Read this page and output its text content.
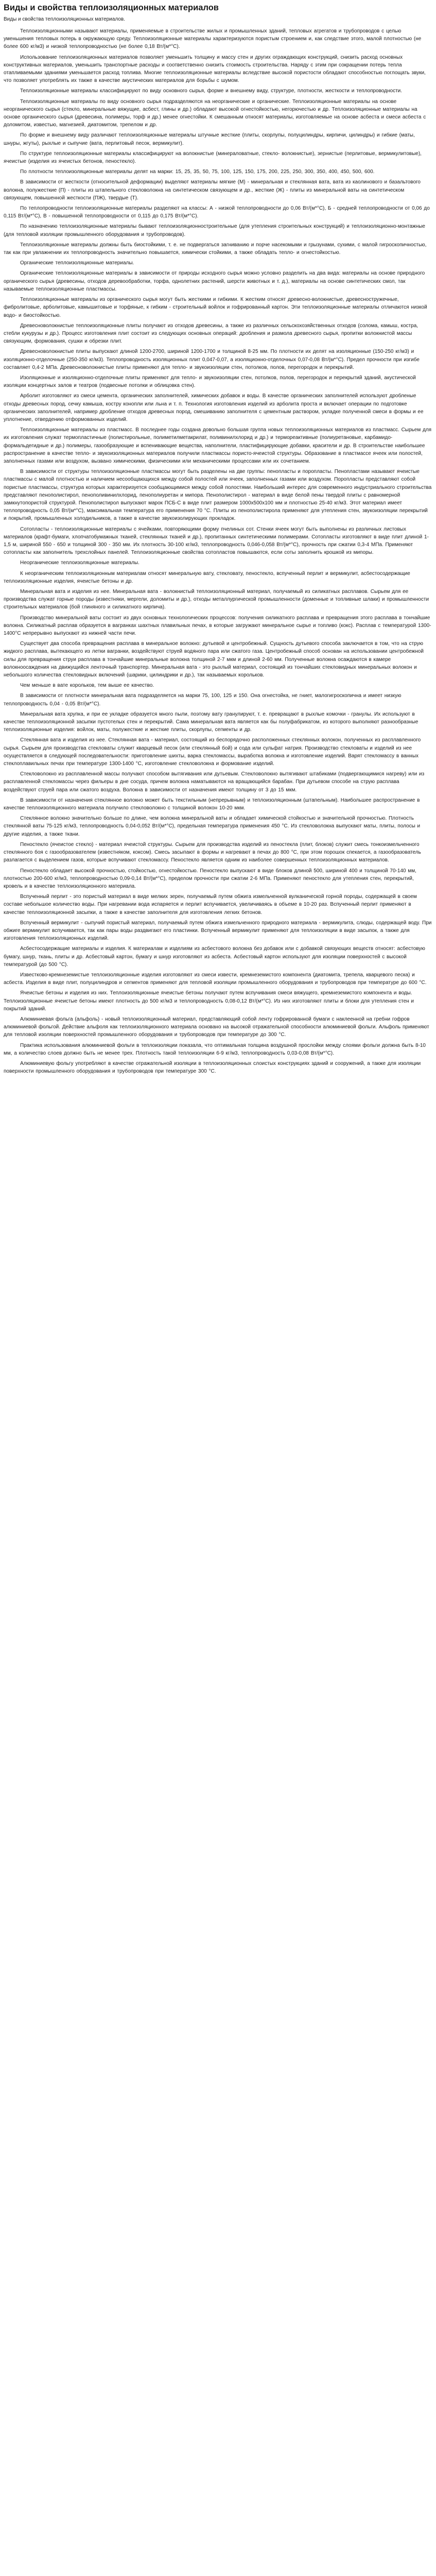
Виды и свойства теплоизоляционных материалов
Виды и свойства теплоизоляционных материалов.

Теплоизоляционными называют материалы, применяемые в строительстве жилых и промышленных зданий, тепловых агрегатов и трубопроводов с целью уменьшения тепловых потерь в окружающую среду. Теплоизоляционные материалы характеризуются пористым строением и, как следствие этого, малой плотностью (не более 600 кг/м3) и низкой теплопроводностью (не более 0,18 Вт/(м*°С).

Использование теплоизоляционных материалов позволяет уменьшить толщину и массу стен и других ограждающих конструкций, снизить расход основных конструктивных материалов, уменьшить транспортные расходы и соответственно снизить стоимость строительства. Наряду с этим при сокращении потерь тепла отапливаемыми зданиями уменьшается расход топлива. Многие теплоизоляционные материалы вследствие высокой пористости обладают способностью поглощать звуки, что позволяет употреблять их также в качестве акустических материалов для борьбы с шумом.

Теплоизоляционные материалы классифицируют по виду основного сырья, форме и внешнему виду, структуре, плотности, жесткости и теплопроводности.

Теплоизоляционные материалы по виду основного сырья подразделяются на неорганические и органические. Теплоизоляционные материалы на основе неорганического сырья (стекло, минеральные вяжущие, асбест, глины и др.) обладают высокой огнестойкостью, негорючестью и др. Теплоизоляционные материалы на основе органического сырья (древесина, полимеры, торф и др.) менее огнестойки. К смешанным относят материалы, изготовляемые на основе асбеста и смеси асбеста с доломитом, известью, магнезией, диатомитом, трепелом и др.

По форме и внешнему виду различают теплоизоляционные материалы штучные жесткие (плиты, скорлупы, полуцилиндры, кирпичи, цилиндры) и гибкие (маты, шнуры, жгуты), рыхлые и сыпучие (вата, перлитовый песок, вермикулит).

По структуре теплоизоляционные материалы классифицируют на волокнистые (минераловатные, стекло- волокнистые), зернистые (перлитовые, вермикулитовые), ячеистые (изделия из ячеистых бетонов, пеностекло).

По плотности теплоизоляционные материалы делят на марки: 15, 25, 35, 50, 75, 100, 125, 150, 175, 200, 225, 250, 300, 350, 400, 450, 500, 600.

В зависимости от жесткости (относительной деформации) выделяют материалы мягкие (М) - минеральная и стеклянная вата, вата из каолинового и базальтового волокна, полужесткие (П) - плиты из штапельного стекловолокна на синтетическом связующем и др., жесткие (Ж) - плиты из минеральной ваты на синтетическом связующем, повышенной жесткости (ПЖ), твердые (Т).

По теплопроводности теплоизоляционные материалы разделяют на классы: А - низкой теплопроводности до 0,06 Вт/(м*°С), Б - средней теплопроводности от 0,06 до 0,115 Вт/(м*°С), В - повышенной теплопроводности от 0,115 до 0,175 Вт/(м*°С).

По назначению теплоизоляционные материалы бывают теплоизоляционностроительные (для утепления строительных конструкций) и теплоизоляционно-монтажные (для тепловой изоляции промышленного оборудования и трубопроводов).

Теплоизоляционные материалы должны быть биостойкими, т. е. не подвергаться загниванию и порче насекомыми и грызунами, сухими, с малой гигроскопичностью, так как при увлажнении их теплопроводность значительно повышается, химически стойкими, а также обладать тепло- и огнестойкостью.

Органические теплоизоляционные материалы.

Органические теплоизоляционные материалы в зависимости от природы исходного сырья можно условно разделить на два вида: материалы на основе природного органического сырья (древесины, отходов деревообработки, торфа, однолетних растений, шерсти животных и т. д.), материалы на основе синтетических смол, так называемые теплоизоляционные пластмассы.

Теплоизоляционные материалы из органического сырья могут быть жесткими и гибкими. К жестким относят древесно-волокнистые, древесностружечные, фибролитовые, арболитовые, камышитовые и торфяные, к гибким - строительный войлок и гофрированный картон. Эти теплоизоляционные материалы отличаются низкой водо- и биостойкостью.

Древесноволокнистые теплоизоляционные плиты получают из отходов древесины, а также из различных сельскохозяйственных отходов (солома, камыш, костра, стебли кукурузы и др.). Процесс изготовления плит состоит из следующих основных операций: дробления и размола древесного сырья, пропитки волокнистой массы связующим, формования, сушки и обрезки плит.

Древесноволокнистые плиты выпускают длиной 1200-2700, шириной 1200-1700 и толщиной 8-25 мм. По плотности их делят на изоляционные (150-250 кг/м3) и изоляционно-отделочные (250-350 кг/м3). Теплопроводность изоляционных плит 0,047-0,07, а изоляционно-отделочных 0,07-0,08 Вт/(м*°С). Предел прочности при изгибе составляет 0,4-2 МПа. Древесноволокнистые плиты применяют для тепло- и звукоизоляции стен, потолков, полов, перегородок и перекрытий.

Изоляционные и изоляционно-отделочные плиты применяют для тепло- и звукоизоляции стен, потолков, полов, перегородок и перекрытий зданий, акустической изоляции концертных залов и театров (подвесные потолки и облицовка стен).

Арболит изготовляют из смеси цемента, органических заполнителей, химических добавок и воды. В качестве органических заполнителей используют дробленые отходы древесных пород, сечку камыша, костру конопли или льна и т. п. Технология изготовления изделий из арболита проста и включает операции по подготовке органических заполнителей, например дробление отходов древесных пород, смешиванию заполнителя с цементным раствором, укладке полученной смеси в формы и ее уплотнение, отвердению отформованных изделий.

Теплоизоляционные материалы из пластмасс. В последнее годы создана довольно большая группа новых теплоизоляционных материалов из пластмасс. Сырьем для их изготовления служат термопластичные (полистирольные, полиметилметакрилат, поливинилхлорид и др.) и термореактивные (полиуретановые, карбамидо-формальдегидные и др.) полимеры, газообразующие и вспенивающие вещества, наполнители, пластифицирующие добавки, красители и др. В строительстве наибольшее распространение в качестве тепло- и звукоизоляционных материалов получили пластмассы пористо-ячеистой структуры. Образование в пластмассе ячеек или полостей, заполненных газами или воздухом, вызвано химическими, физическими или механическими процессами или их сочетанием.

В зависимости от структуры теплоизоляционные пластмассы могут быть разделены на две группы: пенопласты и поропласты. Пенопластами называют ячеистые пластмассы с малой плотностью и наличием несообщающихся между собой полостей или ячеек, заполненных газами или воздухом. Поропласты представляют собой пористые пластмассы, структура которых характеризуется сообщающимися между собой полостями. Наибольший интерес для современного индустриального строительства представляют пенополистирол, пенополивинилхлорид, пенополиуретан и мипора. Пенополистирол - материал в виде белой пены твердой плиты с равномерной замкнутопористой структурой. Пенополистирол выпускают марок ПСБ-С в виде плит размером 1000х500х100 мм и плотностью 25-40 кг/м3. Этот материал имеет теплопроводность 0,05 Вт/(м*°С), максимальная температура его применения 70 °С. Плиты из пенополистирола применяют для утепления стен, звукоизоляции перекрытий и покрытий, промышленных холодильников, а также в качестве звукоизолирующих прокладок.

Сотопласты - теплоизоляционные материалы с ячейками, повторяющими форму пчелиных сот. Стенки ячеек могут быть выполнены из различных листовых материалов (крафт-бумаги, хлопчатобумажных тканей, стеклянных тканей и др.), пропитанных синтетическими полимерами. Сотопласты изготовляют в виде плит длиной 1-1,5 м, шириной 550 - 650 и толщиной 300 - 350 мм. Их плотность 30-100 кг/м3, теплопроводность 0,046-0,058 Вт/(м*°С), прочность при сжатии 0,3-4 МПа. Применяют сотопласты как заполнитель трехслойных панелей. Теплоизоляционные свойства сотопластов повышаются, если соты заполнить крошкой из мипоры.

Неорганические теплоизоляционные материалы.

К неорганическим теплоизоляционным материалам относят минеральную вату, стекловату, пеностекло, вспученный перлит и вермикулит, асбестосодержащие теплоизоляционные изделия, ячеистые бетоны и др.

Минеральная вата и изделия из нее. Минеральная вата - волокнистый теплоизоляционный материал, получаемый из силикатных расплавов. Сырьем для ее производства служат горные породы (известняки, мергели, доломиты и др.), отходы металлургической промышленности (доменные и топливные шлаки) и промышленности строительных материалов (бой глиняного и силикатного кирпича).

Производство минеральной ваты состоит из двух основных технологических процессов: получения силикатного расплава и превращения этого расплава в тончайшие волокна. Силикатный расплав образуется в вагранках шахтных плавильных печах, в которые загружают минеральное сырье и топливо (кокс). Расплав с температурой 1300-1400°С непрерывно выпускают из нижней части печи.

Существует два способа превращения расплава в минеральное волокно: дутьевой и центробежный. Сущность дутьевого способа заключается в том, что на струю жидкого расплава, вытекающего из летки вагранки, воздействуют струей водяного пара или сжатого газа. Центробежный способ основан на использовании центробежной силы для превращения струи расплава в тончайшие минеральные волокна толщиной 2-7 мкм и длиной 2-60 мм. Полученные волокна осаждаются в камере волокноосаждения на движущийся ленточный транспортер. Минеральная вата - это рыхлый материал, состоящий из тончайших стекловидных минеральных волокон и небольшого количества стекловидных включений (шарики, цилиндрики и др.), так называемых корольков.

Чем меньше в вате корольков, тем выше ее качество.

В зависимости от плотности минеральная вата подразделяется на марки 75, 100, 125 и 150. Она огнестойка, не гниет, малогигроскопична и имеет низкую теплопроводность 0,04 - 0,05 Вт/(м*°С).

Минеральная вата хрупка, и при ее укладке образуется много пыли, поэтому вату гранулируют, т. е. превращают в рыхлые комочки - гранулы. Их используют в качестве теплоизоляционной засыпки пустотелых стен и перекрытий. Сама минеральная вата является как бы полуфабрикатом, из которого выполняют разнообразные теплоизоляционные изделия: войлок, маты, полужесткие и жесткие плиты, скорлупы, сегменты и др.

Стеклянная вата и изделия из нее. Стеклянная вата - материал, состоящий из беспорядочно расположенных стеклянных волокон, полученных из расплавленного сырья. Сырьем для производства стекловаты служит кварцевый песок (или стеклянный бой) и сода или сульфат натрия. Производство стекловаты и изделий из нее осуществляется в следующей последовательности: приготовление шихты, варка стекломассы, выработка волокна и изготовление изделий. Варят стекломассу в ванных стеклоплавильных печах при температуре 1300-1400 °С, изготовление стекловолокна и формование изделий.

Стекловолокно из расплавленной массы получают способом вытягивания или дутьевым. Стекловолокно вытягивают штабиками (подвергающимися нагреву) или из расплавленной стекломассы через фильеры в дне сосуда, причем волокна наматываются на вращающийся барабан. При дутьевом способе на струю расплава воздействуют струей пара или сжатого воздуха. Волокна в зависимости от назначения имеют толщину от 3 до 15 мкм.

В зависимости от назначения стеклянное волокно может быть текстильным (непрерывным) и теплоизоляционным (штапельным). Наибольшее распространение в качестве теплоизоляционного материала получило стекловолокно с толщиной волокон 10-20 мкм.

Стеклянное волокно значительно больше по длине, чем волокна минеральной ваты и обладает химической стойкостью и значительной прочностью. Плотность стеклянной ваты 75-125 кг/м3, теплопроводность 0,04-0,052 Вт/(м*°С), предельная температура применения 450 °С. Из стекловолокна выпускают маты, плиты, полосы и другие изделия, а также ткани.

Пеностекло (ячеистое стекло) - материал ячеистой структуры. Сырьем для производства изделий из пеностекла (плит, блоков) служит смесь тонкоизмельченного стеклянного боя с газообразователем (известняком, коксом). Смесь засыпают в формы и нагревают в печах до 800 °С, при этом порошок спекается, а газообразователь разлагается с выделением газов, которые вспучивают стекломассу. Пеностекло является одним из наиболее совершенных теплоизоляционных материалов.

Пеностекло обладает высокой прочностью, стойкостью, огнестойкостью. Пеностекло выпускают в виде блоков длиной 500, шириной 400 и толщиной 70-140 мм, плотностью 200-600 кг/м3, теплопроводностью 0,09-0,14 Вт/(м*°С), пределом прочности при сжатии 2-6 МПа. Применяют пеностекло для утепления стен, перекрытий, кровель и в качестве теплоизоляционного материала.

Вспученный перлит - это пористый материал в виде мелких зерен, получаемый путем обжига измельченной вулканической горной породы, содержащей в своем составе небольшое количество воды. При нагревании вода испаряется и перлит вспучивается, увеличиваясь в объеме в 10-20 раз. Вспученный перлит применяют в качестве теплоизоляционной засыпки, а также в качестве заполнителя для изготовления легких бетонов.

Вспученный вермикулит - сыпучий пористый материал, получаемый путем обжига измельченного природного материала - вермикулита, слюды, содержащей воду. При обжиге вермикулит вспучивается, так как пары воды раздвигают его пластинки. Вспученный вермикулит применяют для теплоизоляции в виде засыпок, а также для изготовления теплоизоляционных изделий.

Асбестосодержащие материалы и изделия. К материалам и изделиям из асбестового волокна без добавок или с добавкой связующих веществ относят: асбестовую бумагу, шнур, ткань, плиты и др. Асбестовый картон, бумагу и шнур изготовляют из асбеста. Асбестовый картон используют для изоляции поверхностей с высокой температурой (до 500 °С).

Известково-кремнеземистые теплоизоляционные изделия изготовляют из смеси извести, кремнеземистого компонента (диатомита, трепела, кварцевого песка) и асбеста. Изделия в виде плит, полуцилиндров и сегментов применяют для тепловой изоляции промышленного оборудования и трубопроводов при температуре до 600 °С.

Ячеистые бетоны и изделия из них. Теплоизоляционные ячеистые бетоны получают путем вспучивания смеси вяжущего, кремнеземистого компонента и воды. Теплоизоляционные ячеистые бетоны имеют плотность до 500 кг/м3 и теплопроводность 0,08-0,12 Вт/(м*°С). Из них изготовляют плиты и блоки для утепления стен и покрытий зданий.

Алюминиевая фольга (альфоль) - новый теплоизоляционный материал, представляющий собой ленту гофрированной бумаги с наклеенной на гребни гофров алюминиевой фольгой. Действие альфоля как теплоизоляционного материала основано на высокой отражательной способности алюминиевой фольги. Альфоль применяют для тепловой изоляции поверхностей промышленного оборудования и трубопроводов при температуре до 300 °С.

Практика использования алюминиевой фольги в теплоизоляции показала, что оптимальная толщина воздушной прослойки между слоями фольги должна быть 8-10 мм, а количество слоев должно быть не менее трех. Плотность такой теплоизоляции 6-9 кг/м3, теплопроводность 0,03-0,08 Вт/(м*°С).

Алюминиевую фольгу употребляют в качестве отражательной изоляции в теплоизоляционных слоистых конструкциях зданий и сооружений, а также для изоляции поверхности промышленного оборудования и трубопроводов при температуре 300 °С.
